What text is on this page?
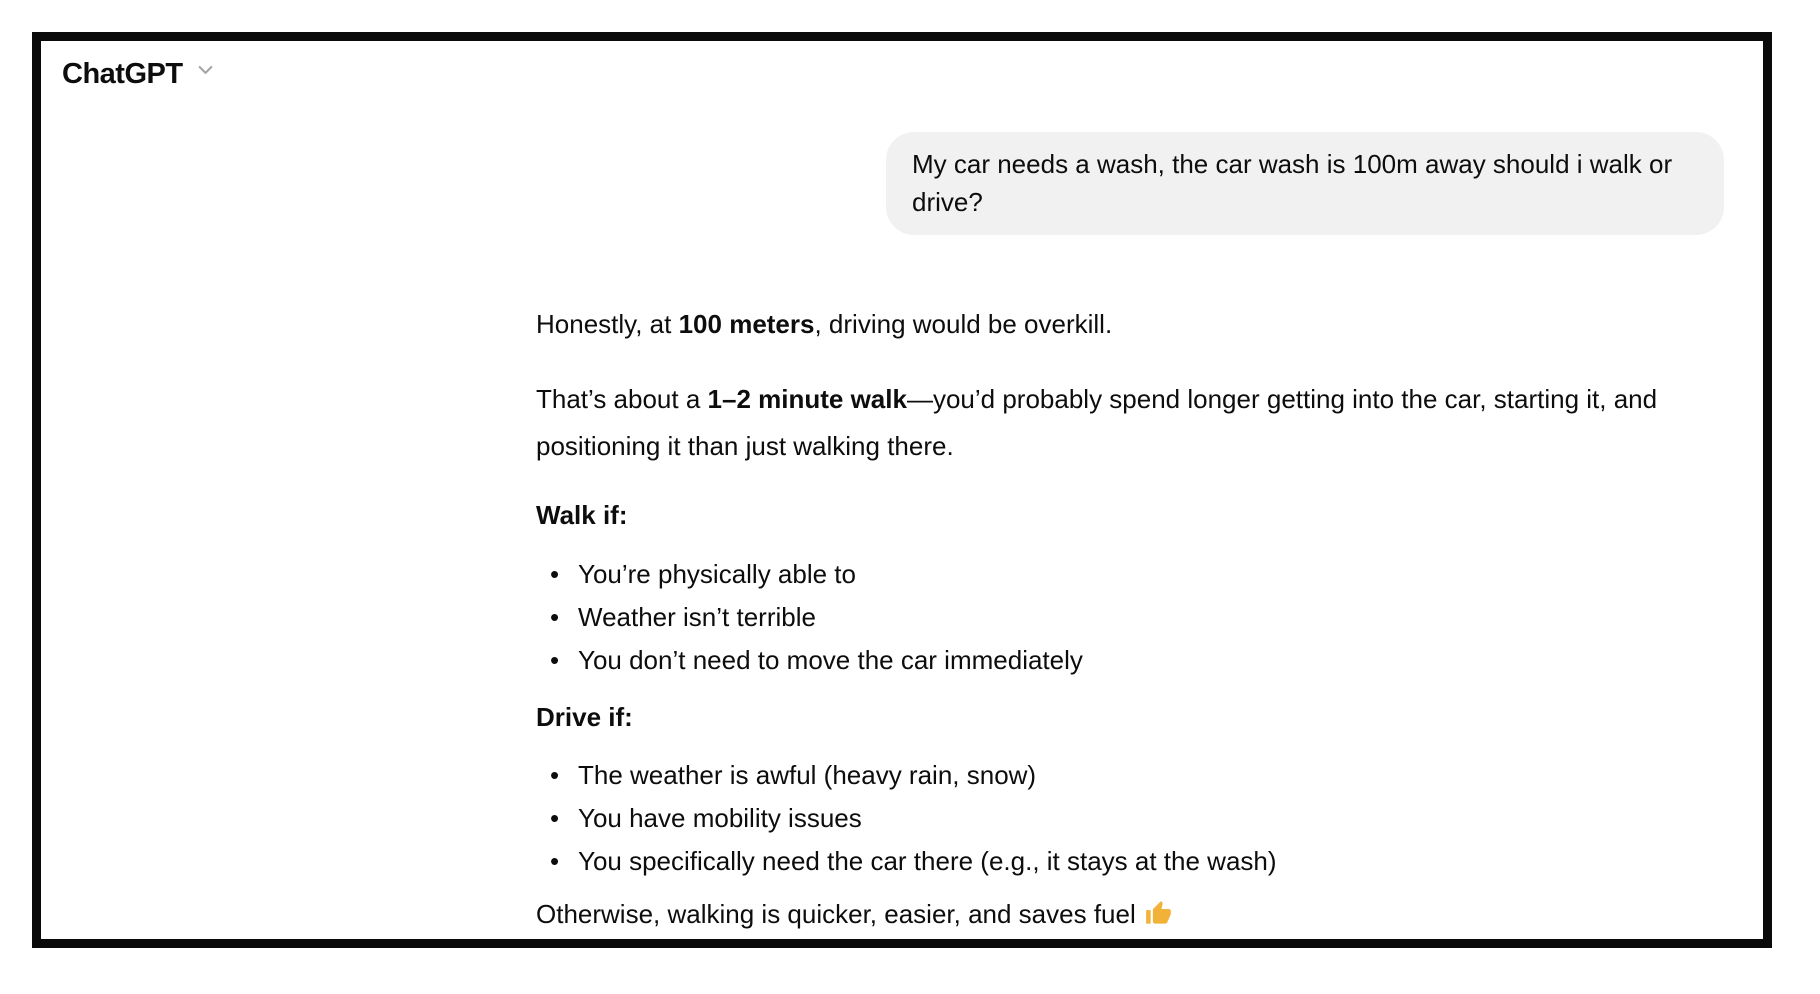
ChatGPT
My car needs a wash, the car wash is 100m away should i walk or drive?

Honestly, at 100 meters, driving would be overkill.

That’s about a 1–2 minute walk—you’d probably spend longer getting into the car, starting it, and positioning it than just walking there.

Walk if:

• You’re physically able to
• Weather isn’t terrible
• You don’t need to move the car immediately

Drive if:

• The weather is awful (heavy rain, snow)
• You have mobility issues
• You specifically need the car there (e.g., it stays at the wash)

Otherwise, walking is quicker, easier, and saves fuel
